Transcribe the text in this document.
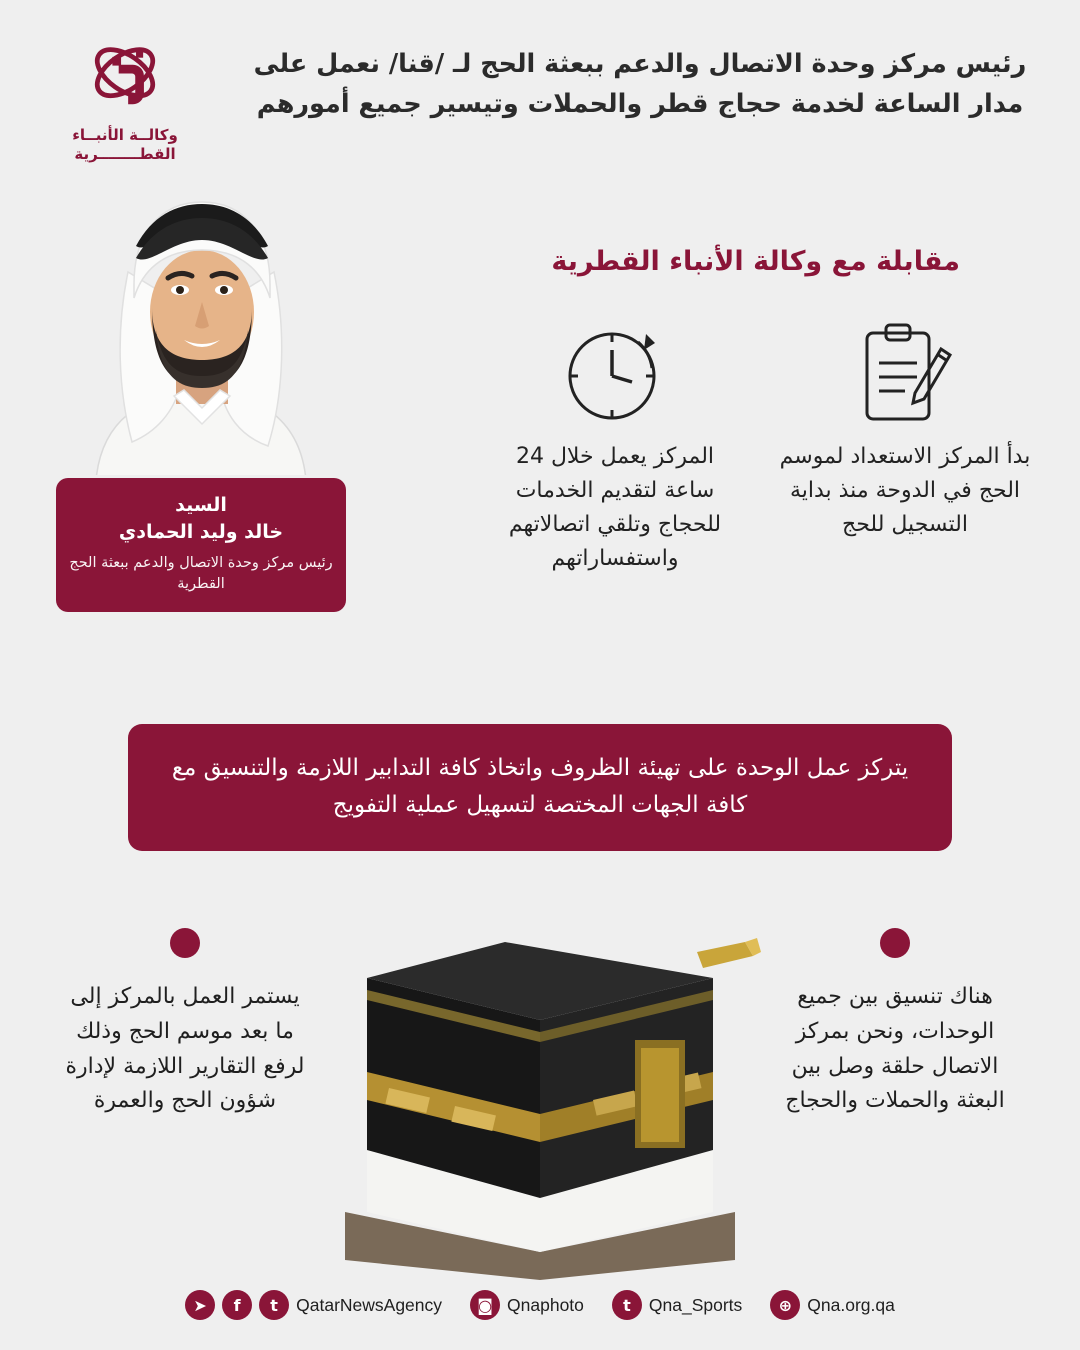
رئيس مركز وحدة الاتصال والدعم ببعثة الحج لـ /قنا/ نعمل على مدار الساعة لخدمة حجاج قطر والحملات وتيسير جميع أمورهم
وكالــة الأنبــاء
القطــــــــرية
مقابلة مع وكالة الأنباء القطرية
بدأ المركز الاستعداد لموسم الحج في الدوحة منذ بداية التسجيل للحج
المركز يعمل خلال 24 ساعة لتقديم الخدمات للحجاج وتلقي اتصالاتهم واستفساراتهم
السيد
خالد وليد الحمادي
رئيس مركز وحدة الاتصال والدعم ببعثة الحج القطرية
يتركز عمل الوحدة على تهيئة الظروف واتخاذ كافة التدابير اللازمة والتنسيق مع كافة الجهات المختصة لتسهيل عملية التفويج
هناك تنسيق بين جميع الوحدات، ونحن بمركز الاتصال حلقة وصل بين البعثة والحملات والحجاج
يستمر العمل بالمركز إلى ما بعد موسم الحج وذلك لرفع التقارير اللازمة لإدارة شؤون الحج والعمرة
➤	f	t	QatarNewsAgency	◙ Qnaphoto	t	Qna_Sports	⊕ Qna.org.qa
